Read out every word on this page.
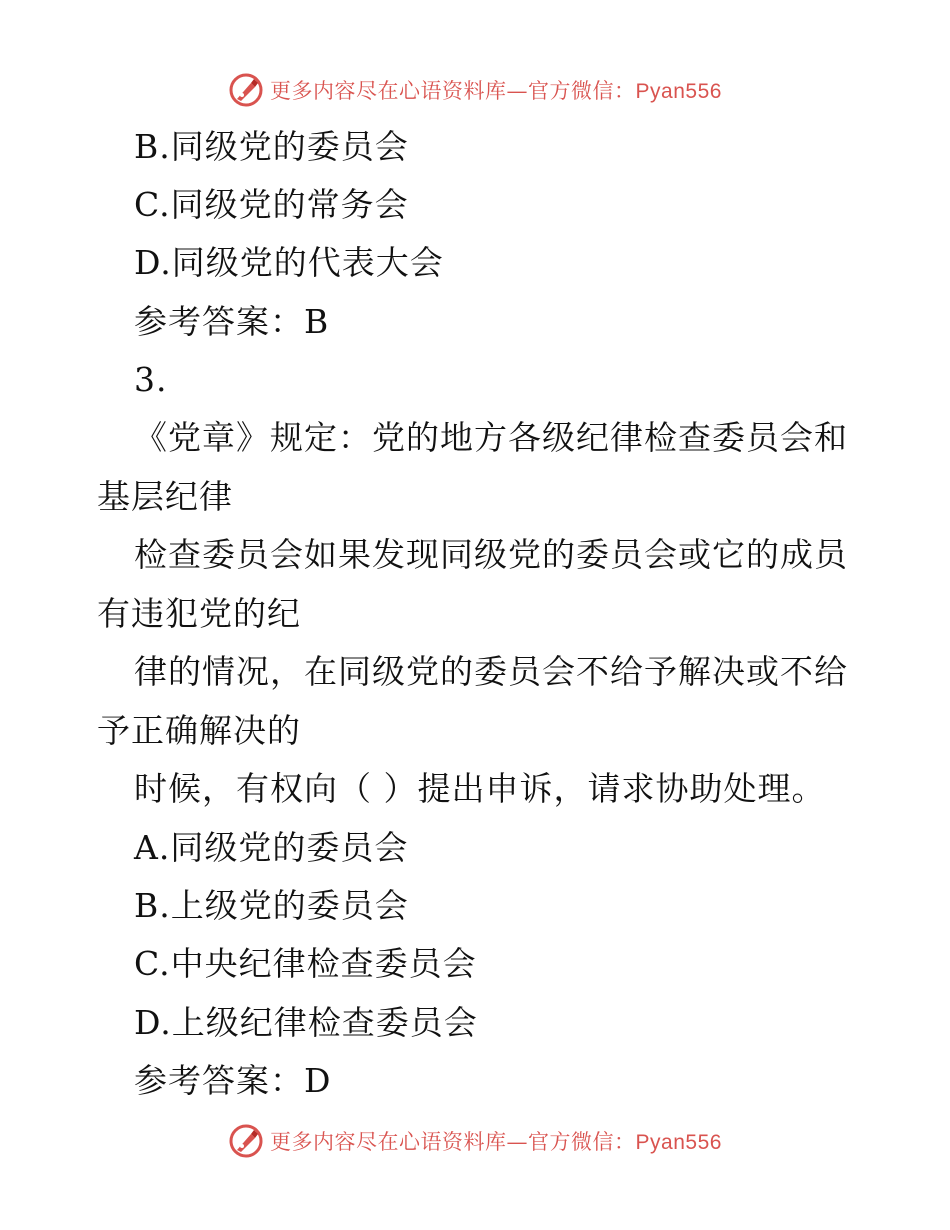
更多内容尽在心语资料库—官方微信：Pyan556
B.同级党的委员会
C.同级党的常务会
D.同级党的代表大会
参考答案：B
3.
《党章》规定：党的地方各级纪律检查委员会和
基层纪律
检查委员会如果发现同级党的委员会或它的成员
有违犯党的纪
律的情况，在同级党的委员会不给予解决或不给
予正确解决的
时候，有权向（ ）提出申诉，请求协助处理。
A.同级党的委员会
B.上级党的委员会
C.中央纪律检查委员会
D.上级纪律检查委员会
参考答案：D
更多内容尽在心语资料库—官方微信：Pyan556
